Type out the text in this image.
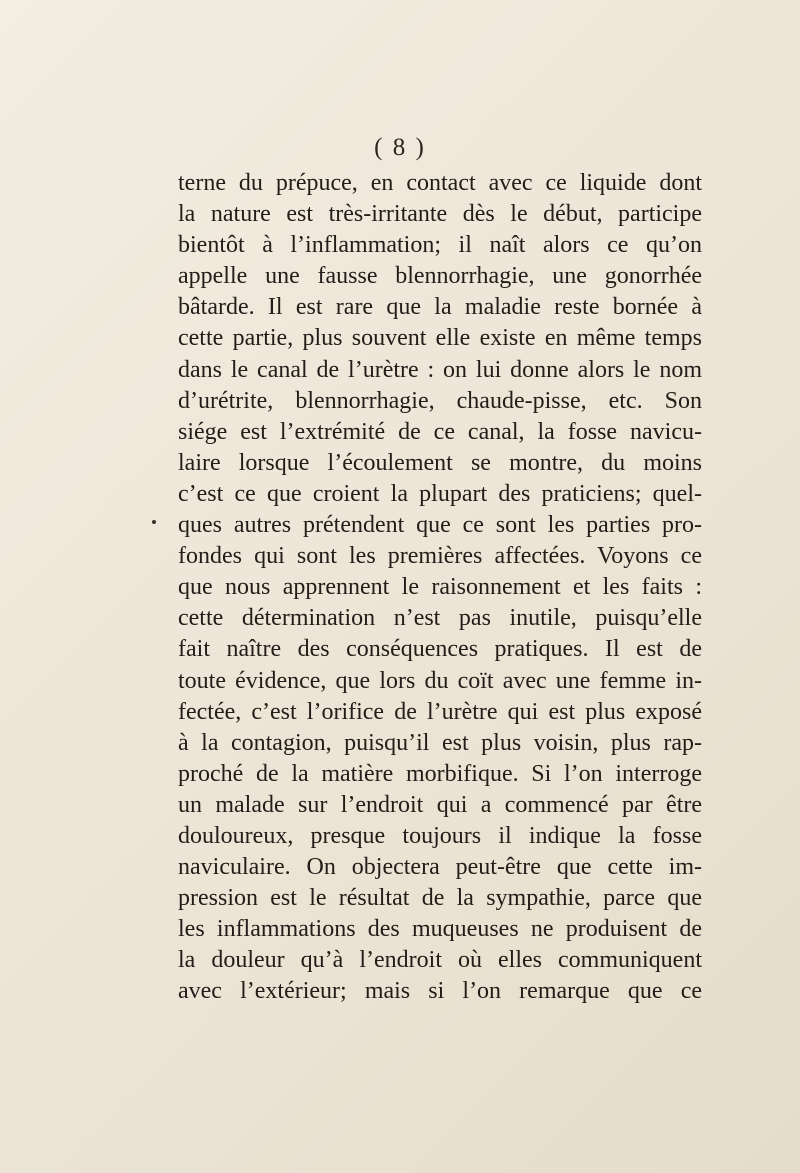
( 8 )
terne du prépuce, en contact avec ce liquide dont
la nature est très-irritante dès le début, participe
bientôt à l’inflammation; il naît alors ce qu’on
appelle une fausse blennorrhagie, une gonorrhée
bâtarde. Il est rare que la maladie reste bornée à
cette partie, plus souvent elle existe en même temps
dans le canal de l’urètre : on lui donne alors le nom
d’urétrite, blennorrhagie, chaude-pisse, etc. Son
siége est l’extrémité de ce canal, la fosse navicu-
laire lorsque l’écoulement se montre, du moins
c’est ce que croient la plupart des praticiens; quel-
ques autres prétendent que ce sont les parties pro-
fondes qui sont les premières affectées. Voyons ce
que nous apprennent le raisonnement et les faits :
cette détermination n’est pas inutile, puisqu’elle
fait naître des conséquences pratiques. Il est de
toute évidence, que lors du coït avec une femme in-
fectée, c’est l’orifice de l’urètre qui est plus exposé
à la contagion, puisqu’il est plus voisin, plus rap-
proché de la matière morbifique. Si l’on interroge
un malade sur l’endroit qui a commencé par être
douloureux, presque toujours il indique la fosse
naviculaire. On objectera peut-être que cette im-
pression est le résultat de la sympathie, parce que
les inflammations des muqueuses ne produisent de
la douleur qu’à l’endroit où elles communiquent
avec l’extérieur; mais si l’on remarque que ce
